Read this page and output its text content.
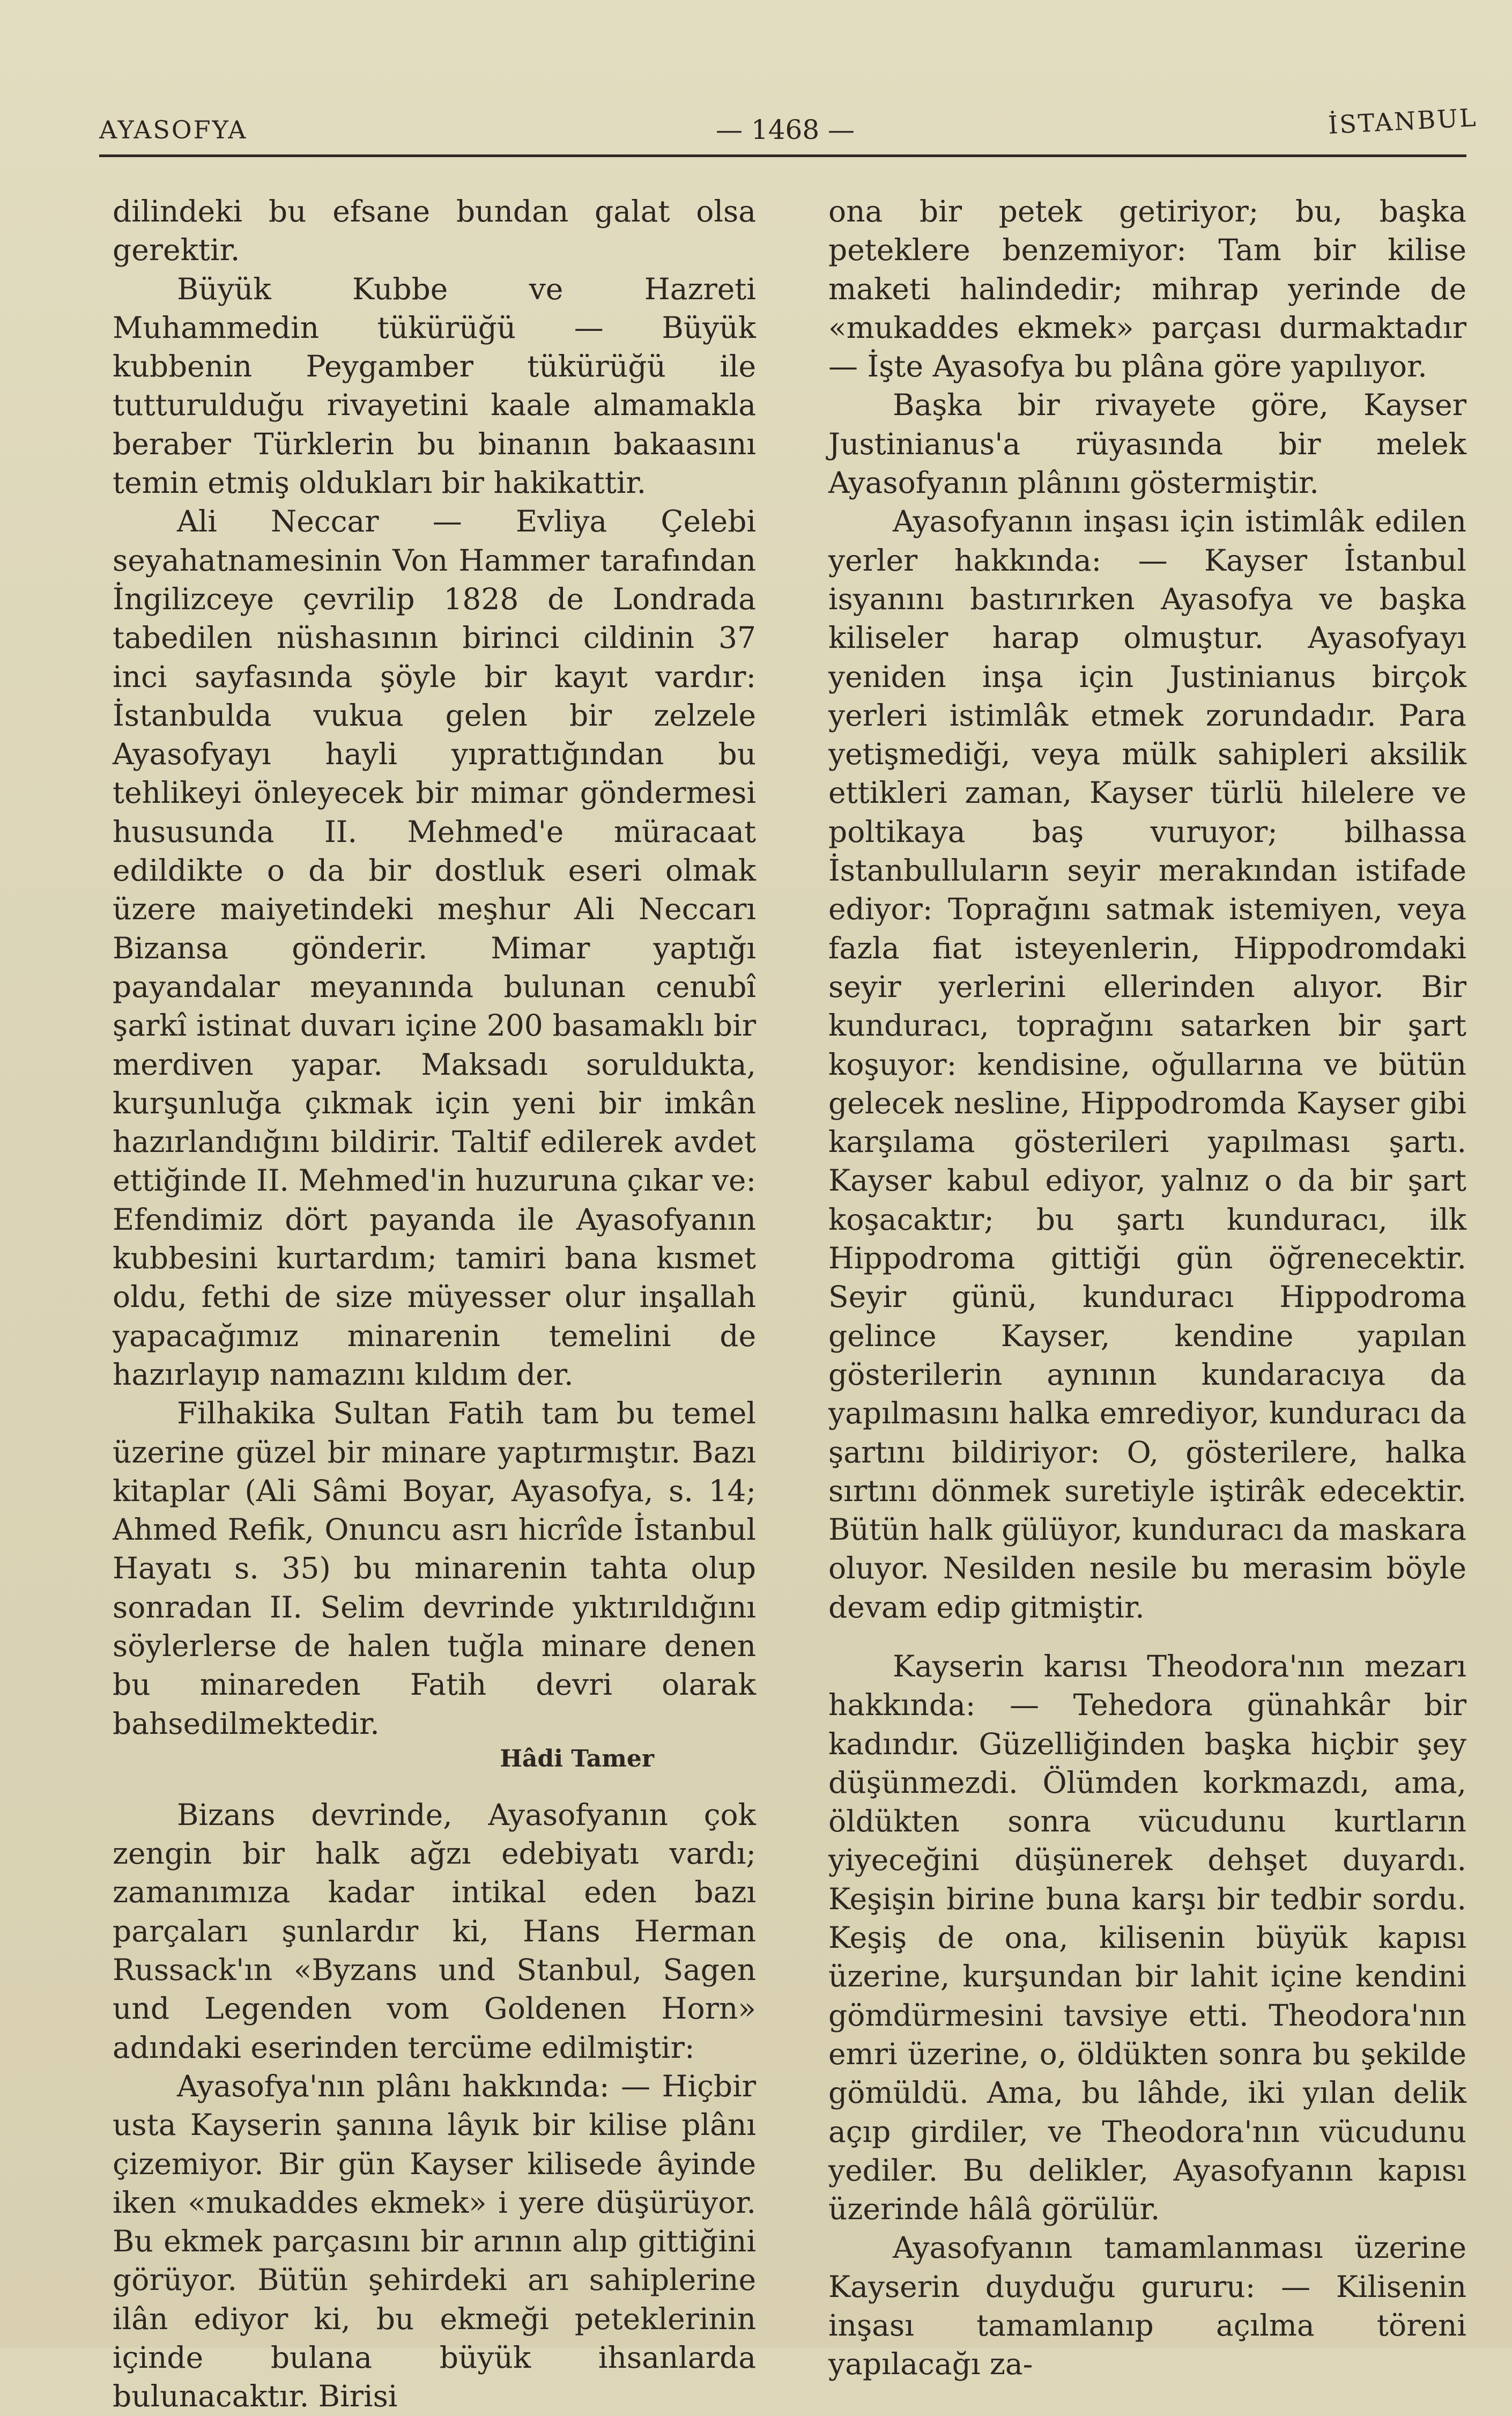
AYASOFYA	— 1468 —	İSTANBUL

dilindeki bu efsane bundan galat olsa gerektir.

Büyük Kubbe ve Hazreti Muhammedin tükürüğü — Büyük kubbenin Peygamber tükürüğü ile tutturulduğu rivayetini kaale almamakla beraber Türklerin bu binanın bakaasını temin etmiş oldukları bir hakikattir.

Ali Neccar — Evliya Çelebi seyahatnamesinin Von Hammer tarafından İngilizceye çevrilip 1828 de Londrada tabedilen nüshasının birinci cildinin 37 inci sayfasında şöyle bir kayıt vardır: İstanbulda vukua gelen bir zelzele Ayasofyayı hayli yıprattığından bu tehlikeyi önleyecek bir mimar göndermesi hususunda II. Mehmed'e müracaat edildikte o da bir dostluk eseri olmak üzere maiyetindeki meşhur Ali Neccarı Bizansa gönderir. Mimar yaptığı payandalar meyanında bulunan cenubî şarkî istinat duvarı içine 200 basamaklı bir merdiven yapar. Maksadı soruldukta, kurşunluğa çıkmak için yeni bir imkân hazırlandığını bildirir. Taltif edilerek avdet ettiğinde II. Mehmed'in huzuruna çıkar ve: Efendimiz dört payanda ile Ayasofyanın kubbesini kurtardım; tamiri bana kısmet oldu, fethi de size müyesser olur inşallah yapacağımız minarenin temelini de hazırlayıp namazını kıldım der.

Filhakika Sultan Fatih tam bu temel üzerine güzel bir minare yaptırmıştır. Bazı kitaplar (Ali Sâmi Boyar, Ayasofya, s. 14; Ahmed Refik, Onuncu asrı hicrîde İstanbul Hayatı s. 35) bu minarenin tahta olup sonradan II. Selim devrinde yıktırıldığını söylerlerse de halen tuğla minare denen bu minareden Fatih devri olarak bahsedilmektedir.

Hâdi Tamer

Bizans devrinde, Ayasofyanın çok zengin bir halk ağzı edebiyatı vardı; zamanımıza kadar intikal eden bazı parçaları şunlardır ki, Hans Herman Russack'ın «Byzans und Stanbul, Sagen und Legenden vom Goldenen Horn» adındaki eserinden tercüme edilmiştir:

Ayasofya'nın plânı hakkında: — Hiçbir usta Kayserin şanına lâyık bir kilise plânı çizemiyor. Bir gün Kayser kilisede âyinde iken «mukaddes ekmek» i yere düşürüyor. Bu ekmek parçasını bir arının alıp gittiğini görüyor. Bütün şehirdeki arı sahiplerine ilân ediyor ki, bu ekmeği peteklerinin içinde bulana büyük ihsanlarda bulunacaktır. Birisi

ona bir petek getiriyor; bu, başka peteklere benzemiyor: Tam bir kilise maketi halindedir; mihrap yerinde de «mukaddes ekmek» parçası durmaktadır — İşte Ayasofya bu plâna göre yapılıyor.

Başka bir rivayete göre, Kayser Justinianus'a rüyasında bir melek Ayasofyanın plânını göstermiştir.

Ayasofyanın inşası için istimlâk edilen yerler hakkında: — Kayser İstanbul isyanını bastırırken Ayasofya ve başka kiliseler harap olmuştur. Ayasofyayı yeniden inşa için Justinianus birçok yerleri istimlâk etmek zorundadır. Para yetişmediği, veya mülk sahipleri aksilik ettikleri zaman, Kayser türlü hilelere ve poltikaya baş vuruyor; bilhassa İstanbulluların seyir merakından istifade ediyor: Toprağını satmak istemiyen, veya fazla fiat isteyenlerin, Hippodromdaki seyir yerlerini ellerinden alıyor. Bir kunduracı, toprağını satarken bir şart koşuyor: kendisine, oğullarına ve bütün gelecek nesline, Hippodromda Kayser gibi karşılama gösterileri yapılması şartı. Kayser kabul ediyor, yalnız o da bir şart koşacaktır; bu şartı kunduracı, ilk Hippodroma gittiği gün öğrenecektir. Seyir günü, kunduracı Hippodroma gelince Kayser, kendine yapılan gösterilerin aynının kundaracıya da yapılmasını halka emrediyor, kunduracı da şartını bildiriyor: O, gösterilere, halka sırtını dönmek suretiyle iştirâk edecektir. Bütün halk gülüyor, kunduracı da maskara oluyor. Nesilden nesile bu merasim böyle devam edip gitmiştir.

Kayserin karısı Theodora'nın mezarı hakkında: — Tehedora günahkâr bir kadındır. Güzelliğinden başka hiçbir şey düşünmezdi. Ölümden korkmazdı, ama, öldükten sonra vücudunu kurtların yiyeceğini düşünerek dehşet duyardı. Keşişin birine buna karşı bir tedbir sordu. Keşiş de ona, kilisenin büyük kapısı üzerine, kurşundan bir lahit içine kendini gömdürmesini tavsiye etti. Theodora'nın emri üzerine, o, öldükten sonra bu şekilde gömüldü. Ama, bu lâhde, iki yılan delik açıp girdiler, ve Theodora'nın vücudunu yediler. Bu delikler, Ayasofyanın kapısı üzerinde hâlâ görülür.

Ayasofyanın tamamlanması üzerine Kayserin duyduğu gururu: — Kilisenin inşası tamamlanıp açılma töreni yapılacağı za-
